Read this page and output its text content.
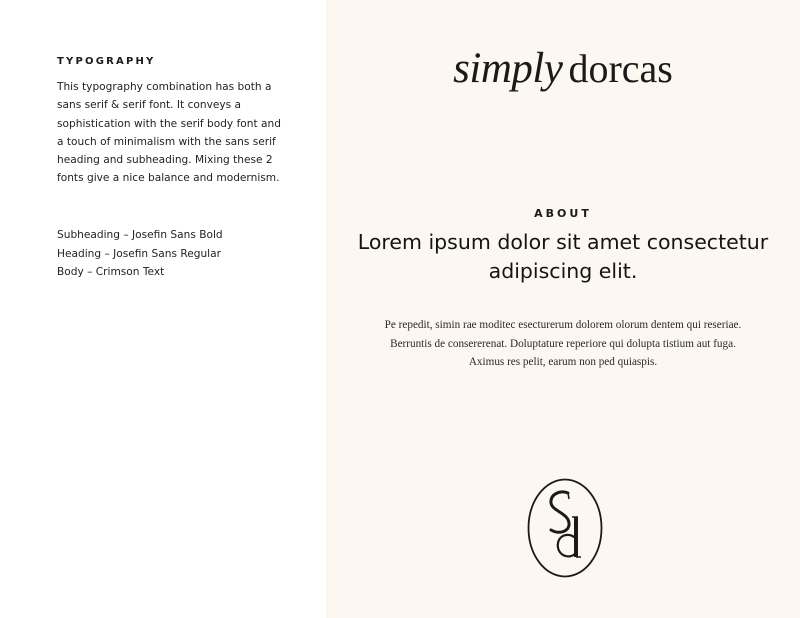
TYPOGRAPHY
This typography combination has both a sans serif & serif font. It conveys a sophistication with the serif body font and a touch of minimalism with the sans serif heading and subheading. Mixing these 2 fonts give a nice balance and modernism.
Subheading – Josefin Sans Bold
Heading – Josefin Sans Regular
Body – Crimson Text
simply dorcas
ABOUT
Lorem ipsum dolor sit amet consectetur adipiscing elit.
Pe repedit, simin rae moditec esecturerum dolorem olorum dentem qui reseriae. Berruntis de consererenat. Doluptature reperiore qui dolupta tistium aut fuga. Aximus res pelit, earum non ped quiaspis.
